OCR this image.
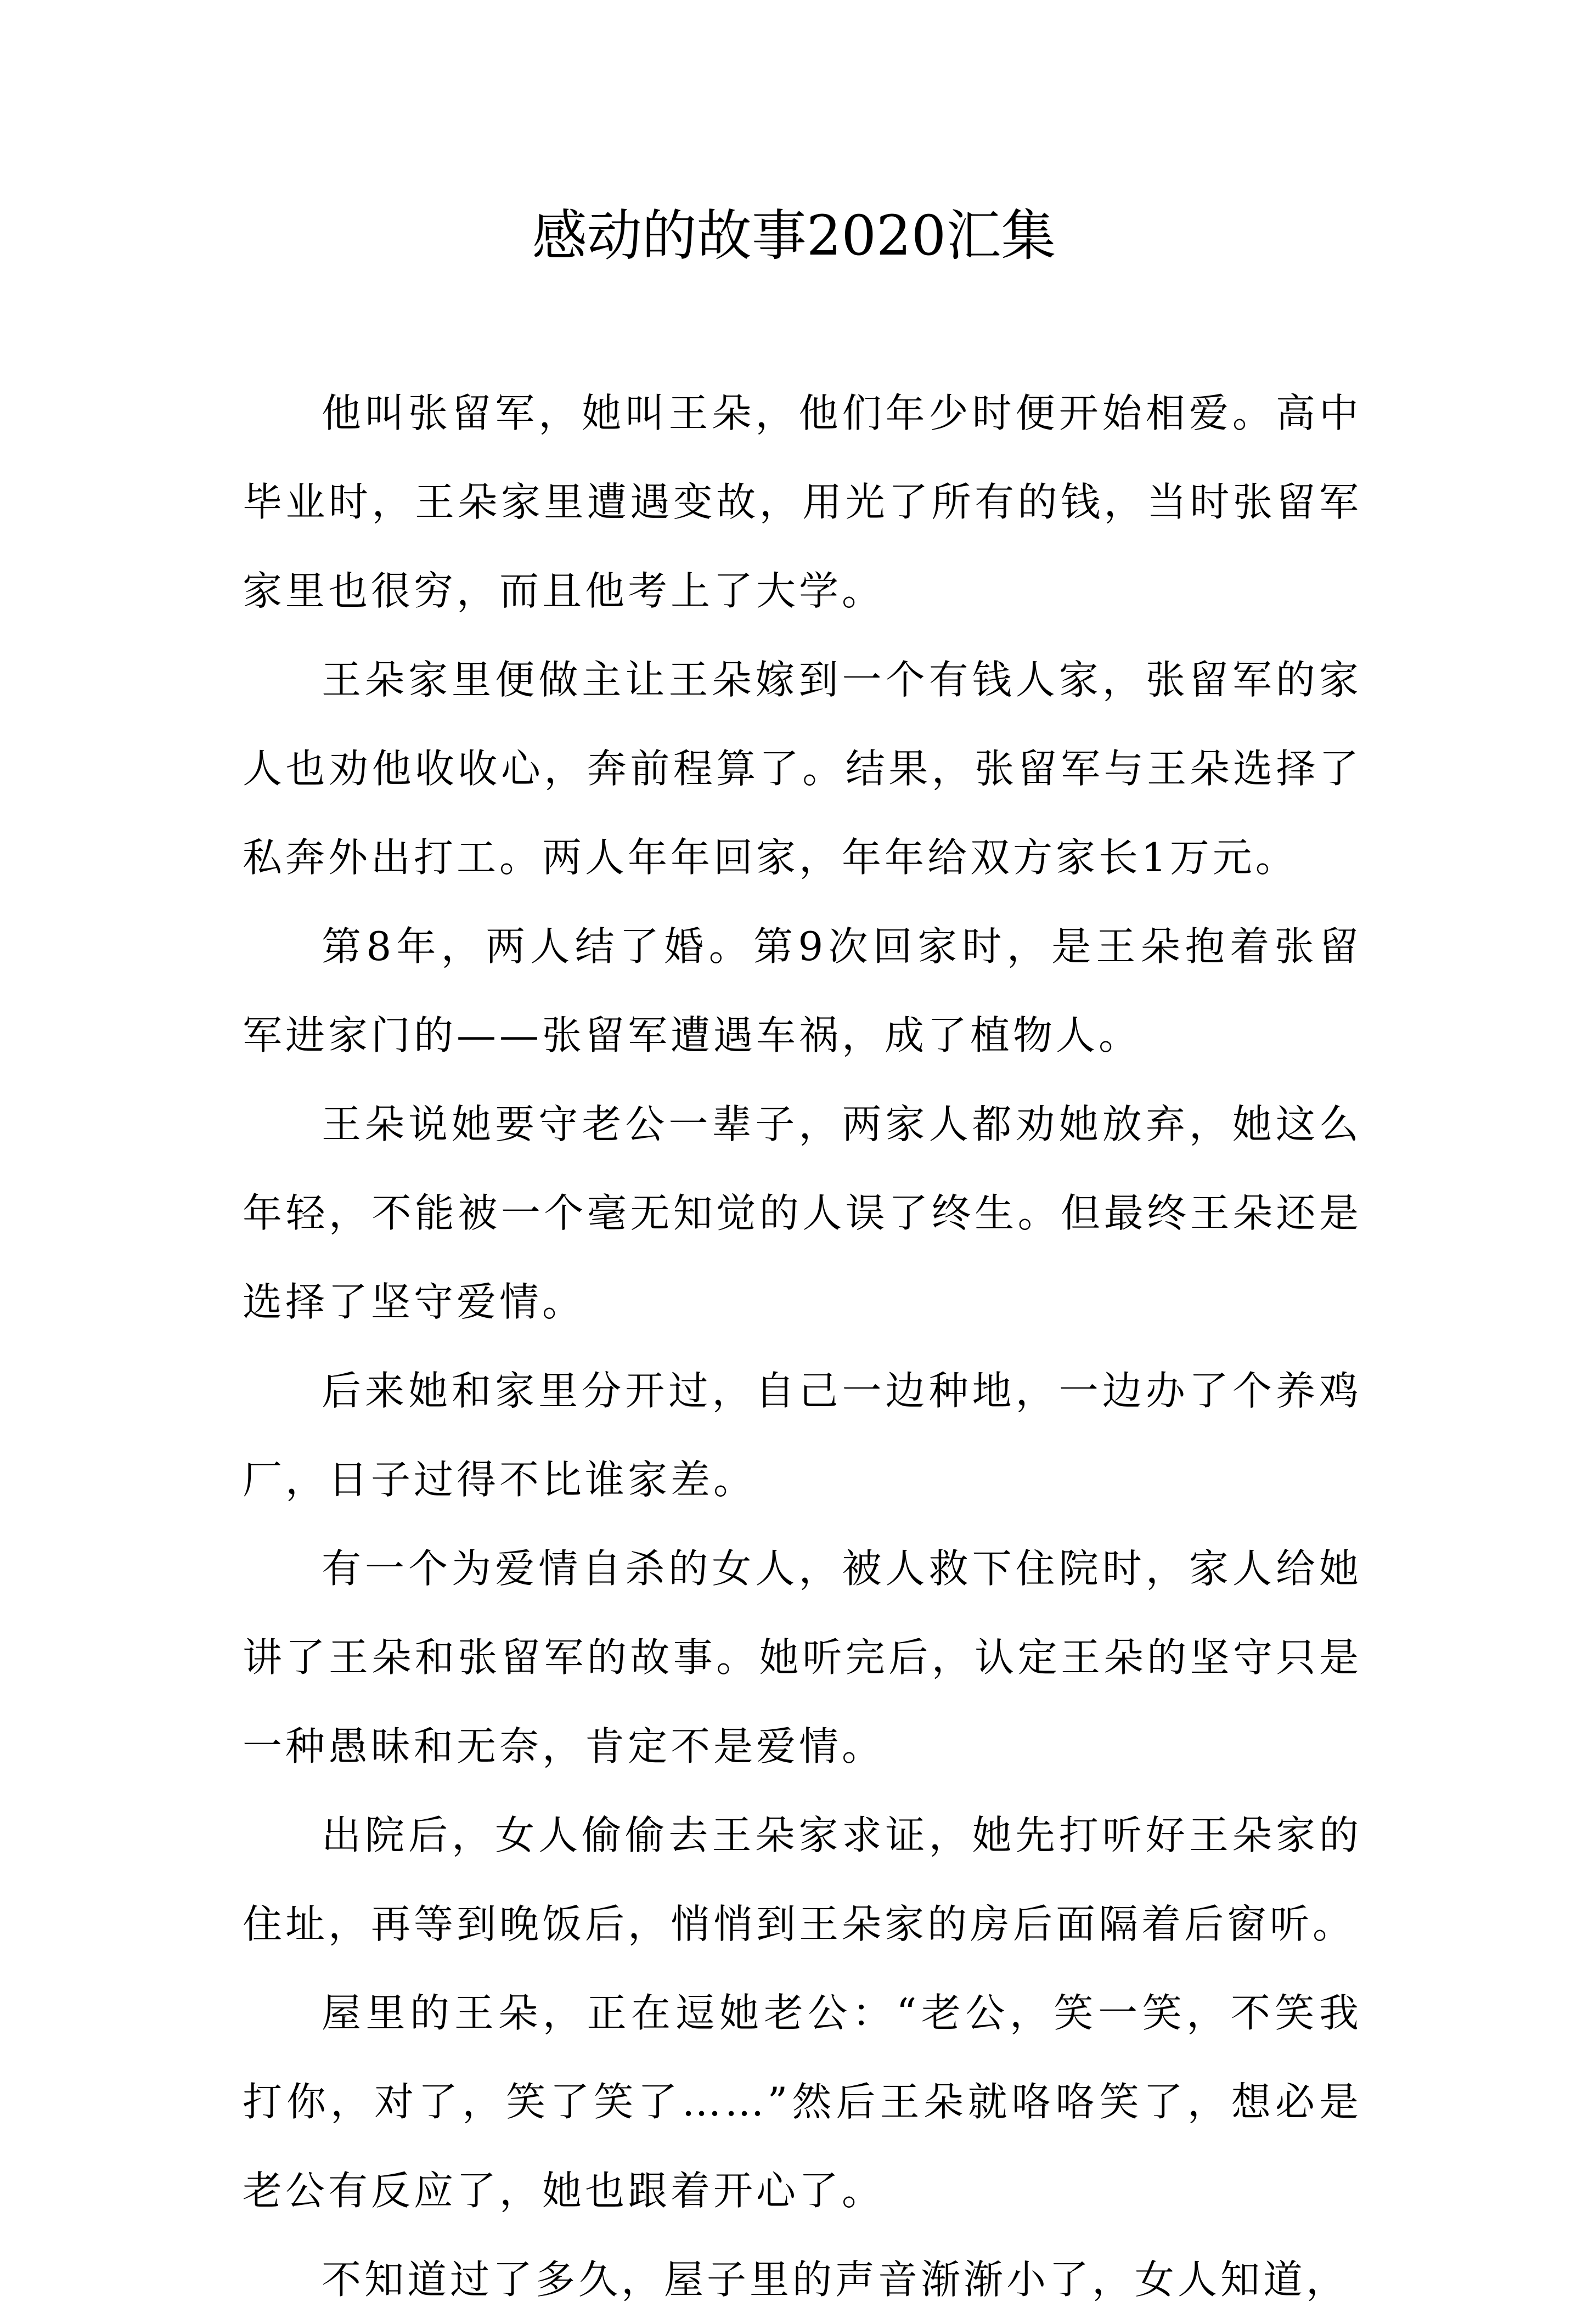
感动的故事2020汇集

他叫张留军，她叫王朵，他们年少时便开始相爱。高中毕业时，王朵家里遭遇变故，用光了所有的钱，当时张留军家里也很穷，而且他考上了大学。

王朵家里便做主让王朵嫁到一个有钱人家，张留军的家人也劝他收收心，奔前程算了。结果，张留军与王朵选择了私奔外出打工。两人年年回家，年年给双方家长1万元。

第8年，两人结了婚。第9次回家时，是王朵抱着张留军进家门的——张留军遭遇车祸，成了植物人。

王朵说她要守老公一辈子，两家人都劝她放弃，她这么年轻，不能被一个毫无知觉的人误了终生。但最终王朵还是选择了坚守爱情。

后来她和家里分开过，自己一边种地，一边办了个养鸡厂，日子过得不比谁家差。

有一个为爱情自杀的女人，被人救下住院时，家人给她讲了王朵和张留军的故事。她听完后，认定王朵的坚守只是一种愚昧和无奈，肯定不是爱情。

出院后，女人偷偷去王朵家求证，她先打听好王朵家的住址，再等到晚饭后，悄悄到王朵家的房后面隔着后窗听。

屋里的王朵，正在逗她老公：“老公，笑一笑，不笑我打你，对了，笑了笑了……”然后王朵就咯咯笑了，想必是老公有反应了，她也跟着开心了。

不知道过了多久，屋子里的声音渐渐小了，女人知道，
